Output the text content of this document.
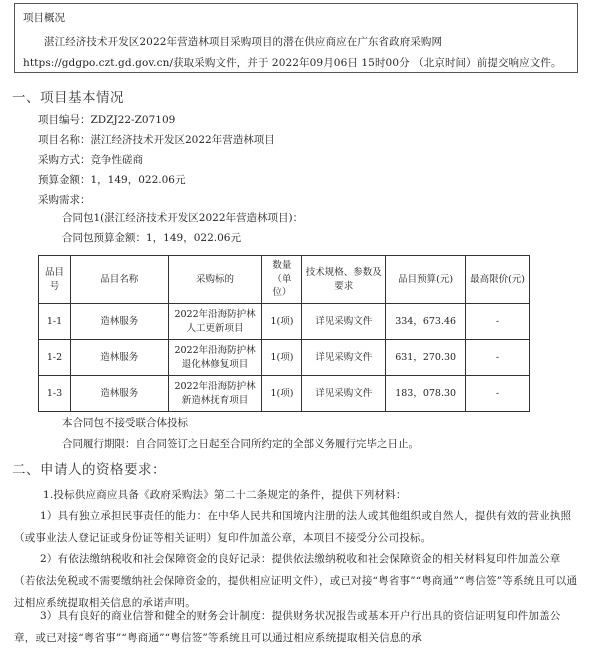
项目概况
湛江经济技术开发区2022年营造林项目采购项目的潜在供应商应在广东省政府采购网https://gdgpo.czt.gd.gov.cn/获取采购文件，并于 2022年09月06日 15时00分 （北京时间）前提交响应文件。
一、项目基本情况
项目编号：ZDZJ22-Z07109
项目名称：湛江经济技术开发区2022年营造林项目
采购方式：竞争性磋商
预算金额：1，149，022.06元
采购需求：
合同包1(湛江经济技术开发区2022年营造林项目)：
合同包预算金额：1，149，022.06元
品目号	品目名称	采购标的	数量（单位）	技术规格、参数及要求	品目预算(元)	最高限价(元)
1-1	造林服务	2022年沿海防护林人工更新项目	1(项)	详见采购文件	334，673.46	-
1-2	造林服务	2022年沿海防护林退化林修复项目	1(项)	详见采购文件	631，270.30	-
1-3	造林服务	2022年沿海防护林新造林抚育项目	1(项)	详见采购文件	183，078.30	-
本合同包不接受联合体投标
合同履行期限：自合同签订之日起至合同所约定的全部义务履行完毕之日止。
二、申请人的资格要求：
1.投标供应商应具备《政府采购法》第二十二条规定的条件，提供下列材料：
1）具有独立承担民事责任的能力：在中华人民共和国境内注册的法人或其他组织或自然人，提供有效的营业执照（或事业法人登记证或身份证等相关证明）复印件加盖公章，本项目不接受分公司投标。
2）有依法缴纳税收和社会保障资金的良好记录：提供依法缴纳税收和社会保障资金的相关材料复印件加盖公章（若依法免税或不需要缴纳社会保障资金的，提供相应证明文件），或已对接“粤省事”“粤商通”“粤信签”等系统且可以通过相应系统提取相关信息的承诺声明。
3）具有良好的商业信誉和健全的财务会计制度：提供财务状况报告或基本开户行出具的资信证明复印件加盖公章，或已对接“粤省事”“粤商通”“粤信签”等系统且可以通过相应系统提取相关信息的承
